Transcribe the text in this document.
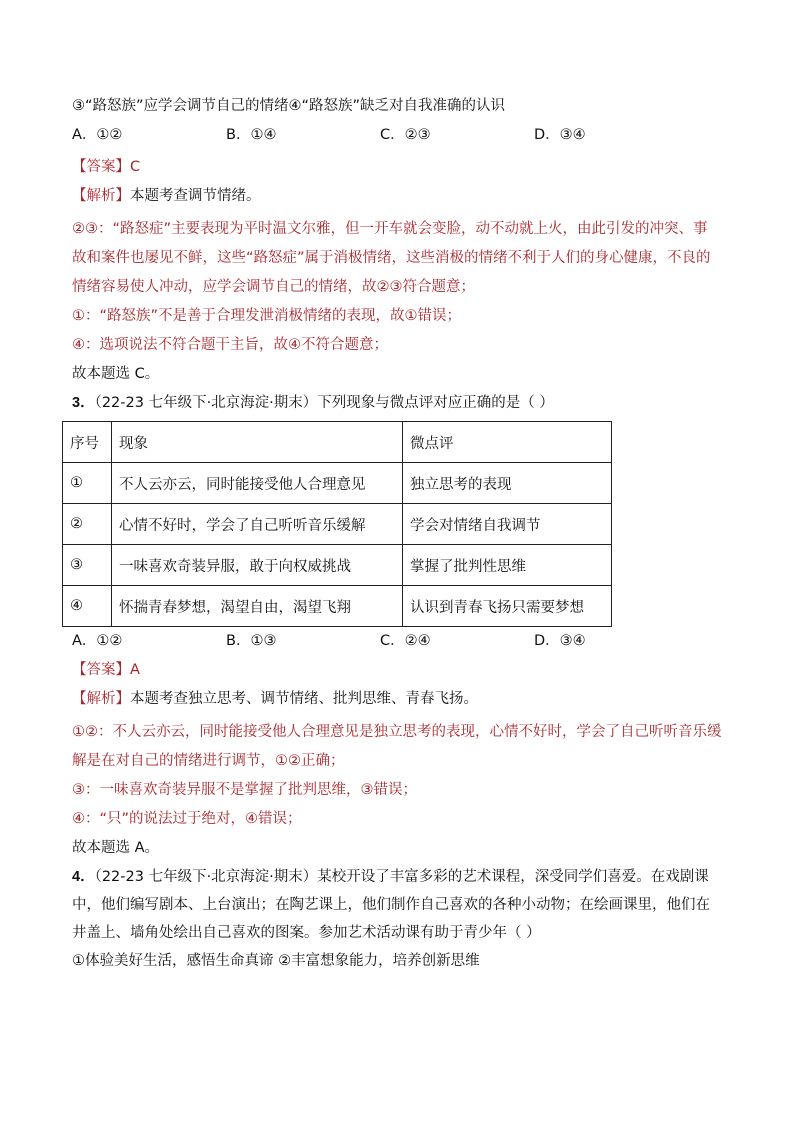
③“路怒族”应学会调节自己的情绪④“路怒族”缺乏对自我准确的认识
A．①②	B．①④	C．②③	D．③④
【答案】C
【解析】本题考查调节情绪。
②③：“路怒症”主要表现为平时温文尔雅，但一开车就会变脸，动不动就上火，由此引发的冲突、事故和案件也屡见不鲜，这些“路怒症”属于消极情绪，这些消极的情绪不利于人们的身心健康，不良的情绪容易使人冲动，应学会调节自己的情绪，故②③符合题意；
①：“路怒族”不是善于合理发泄消极情绪的表现，故①错误；
④：选项说法不符合题干主旨，故④不符合题意；
故本题选 C。
3．（22-23 七年级下·北京海淀·期末）下列现象与微点评对应正确的是（ ）
序号	现象	微点评
①	不人云亦云，同时能接受他人合理意见	独立思考的表现
②	心情不好时，学会了自己听听音乐缓解	学会对情绪自我调节
③	一味喜欢奇装异服，敢于向权威挑战	掌握了批判性思维
④	怀揣青春梦想，渴望自由，渴望飞翔	认识到青春飞扬只需要梦想
A．①②	B．①③	C．②④	D．③④
【答案】A
【解析】本题考查独立思考、调节情绪、批判思维、青春飞扬。
①②：不人云亦云，同时能接受他人合理意见是独立思考的表现，心情不好时，学会了自己听听音乐缓解是在对自己的情绪进行调节，①②正确；
③：一味喜欢奇装异服不是掌握了批判思维，③错误；
④：“只”的说法过于绝对，④错误；
故本题选 A。
4．（22-23 七年级下·北京海淀·期末）某校开设了丰富多彩的艺术课程，深受同学们喜爱。在戏剧课中，他们编写剧本、上台演出；在陶艺课上，他们制作自己喜欢的各种小动物；在绘画课里，他们在井盖上、墙角处绘出自己喜欢的图案。参加艺术活动课有助于青少年（ ）
①体验美好生活，感悟生命真谛 ②丰富想象能力，培养创新思维
